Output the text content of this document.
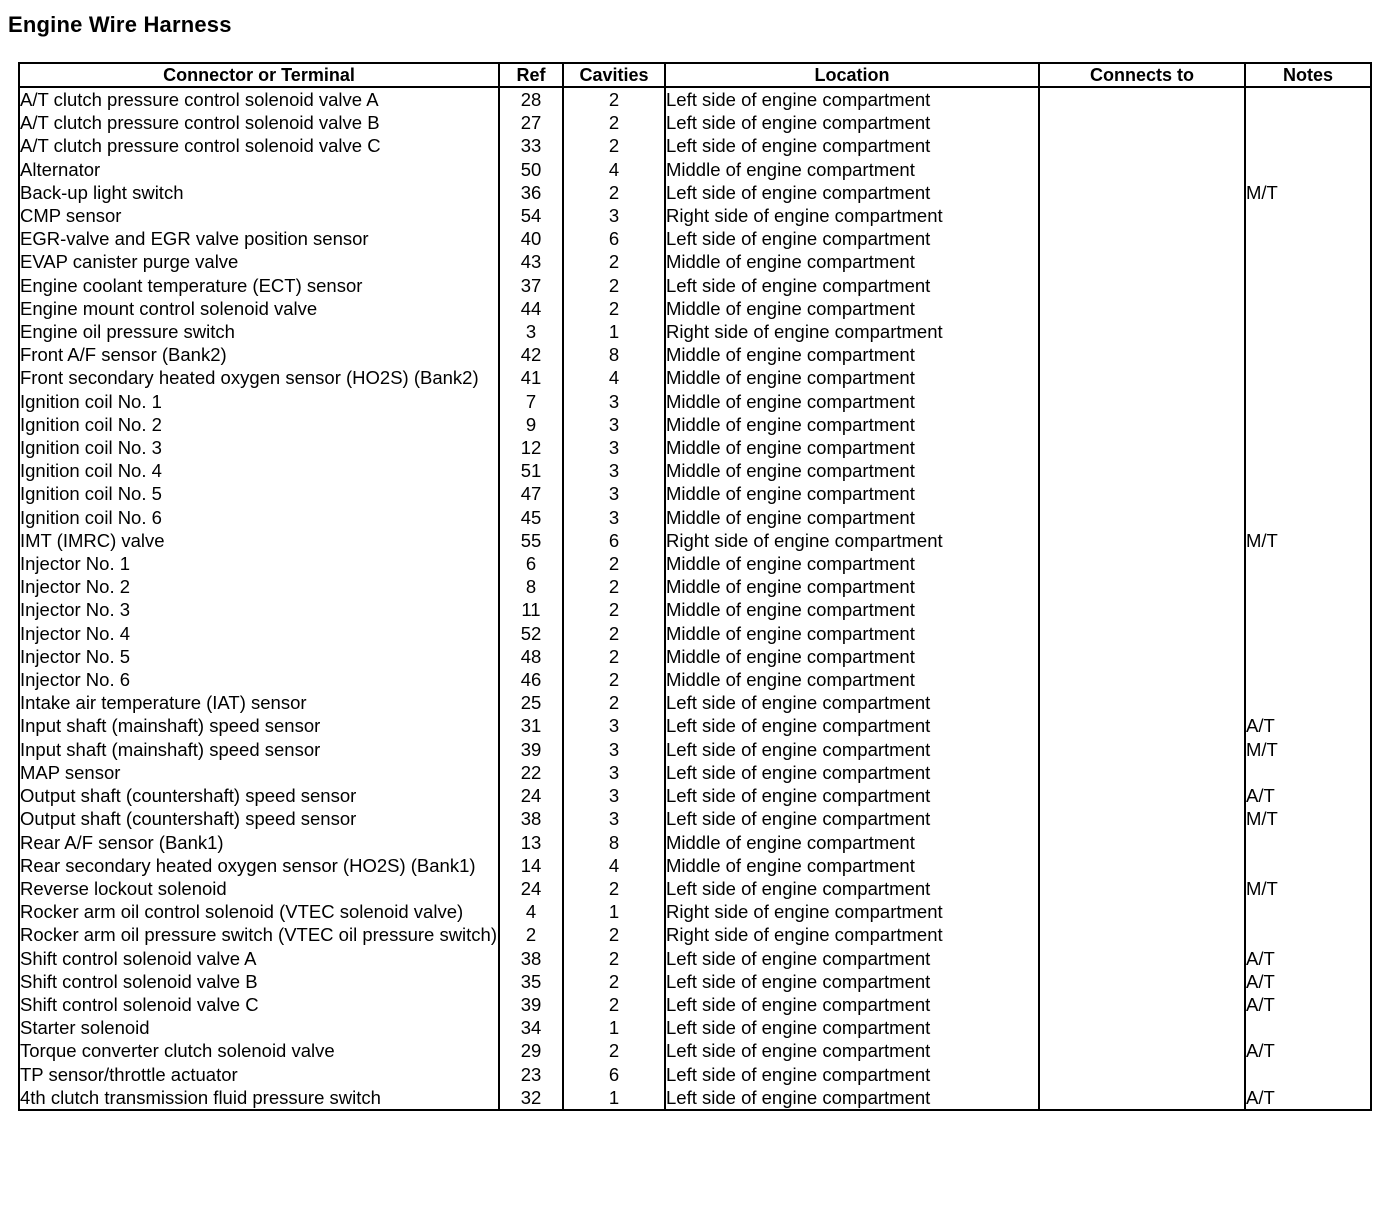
Engine Wire Harness
Connector or Terminal	Ref	Cavities	Location	Connects to	Notes
A/T clutch pressure control solenoid valve A	28	2	Left side of engine compartment		
A/T clutch pressure control solenoid valve B	27	2	Left side of engine compartment		
A/T clutch pressure control solenoid valve C	33	2	Left side of engine compartment		
Alternator	50	4	Middle of engine compartment		
Back-up light switch	36	2	Left side of engine compartment		M/T
CMP sensor	54	3	Right side of engine compartment		
EGR-valve and EGR valve position sensor	40	6	Left side of engine compartment		
EVAP canister purge valve	43	2	Middle of engine compartment		
Engine coolant temperature (ECT) sensor	37	2	Left side of engine compartment		
Engine mount control solenoid valve	44	2	Middle of engine compartment		
Engine oil pressure switch	3	1	Right side of engine compartment		
Front A/F sensor (Bank2)	42	8	Middle of engine compartment		
Front secondary heated oxygen sensor (HO2S) (Bank2)	41	4	Middle of engine compartment		
Ignition coil No. 1	7	3	Middle of engine compartment		
Ignition coil No. 2	9	3	Middle of engine compartment		
Ignition coil No. 3	12	3	Middle of engine compartment		
Ignition coil No. 4	51	3	Middle of engine compartment		
Ignition coil No. 5	47	3	Middle of engine compartment		
Ignition coil No. 6	45	3	Middle of engine compartment		
IMT (IMRC) valve	55	6	Right side of engine compartment		M/T
Injector No. 1	6	2	Middle of engine compartment		
Injector No. 2	8	2	Middle of engine compartment		
Injector No. 3	11	2	Middle of engine compartment		
Injector No. 4	52	2	Middle of engine compartment		
Injector No. 5	48	2	Middle of engine compartment		
Injector No. 6	46	2	Middle of engine compartment		
Intake air temperature (IAT) sensor	25	2	Left side of engine compartment		
Input shaft (mainshaft) speed sensor	31	3	Left side of engine compartment		A/T
Input shaft (mainshaft) speed sensor	39	3	Left side of engine compartment		M/T
MAP sensor	22	3	Left side of engine compartment		
Output shaft (countershaft) speed sensor	24	3	Left side of engine compartment		A/T
Output shaft (countershaft) speed sensor	38	3	Left side of engine compartment		M/T
Rear A/F sensor (Bank1)	13	8	Middle of engine compartment		
Rear secondary heated oxygen sensor (HO2S) (Bank1)	14	4	Middle of engine compartment		
Reverse lockout solenoid	24	2	Left side of engine compartment		M/T
Rocker arm oil control solenoid (VTEC solenoid valve)	4	1	Right side of engine compartment		
Rocker arm oil pressure switch (VTEC oil pressure switch)	2	2	Right side of engine compartment		
Shift control solenoid valve A	38	2	Left side of engine compartment		A/T
Shift control solenoid valve B	35	2	Left side of engine compartment		A/T
Shift control solenoid valve C	39	2	Left side of engine compartment		A/T
Starter solenoid	34	1	Left side of engine compartment		
Torque converter clutch solenoid valve	29	2	Left side of engine compartment		A/T
TP sensor/throttle actuator	23	6	Left side of engine compartment		
4th clutch transmission fluid pressure switch	32	1	Left side of engine compartment		A/T
